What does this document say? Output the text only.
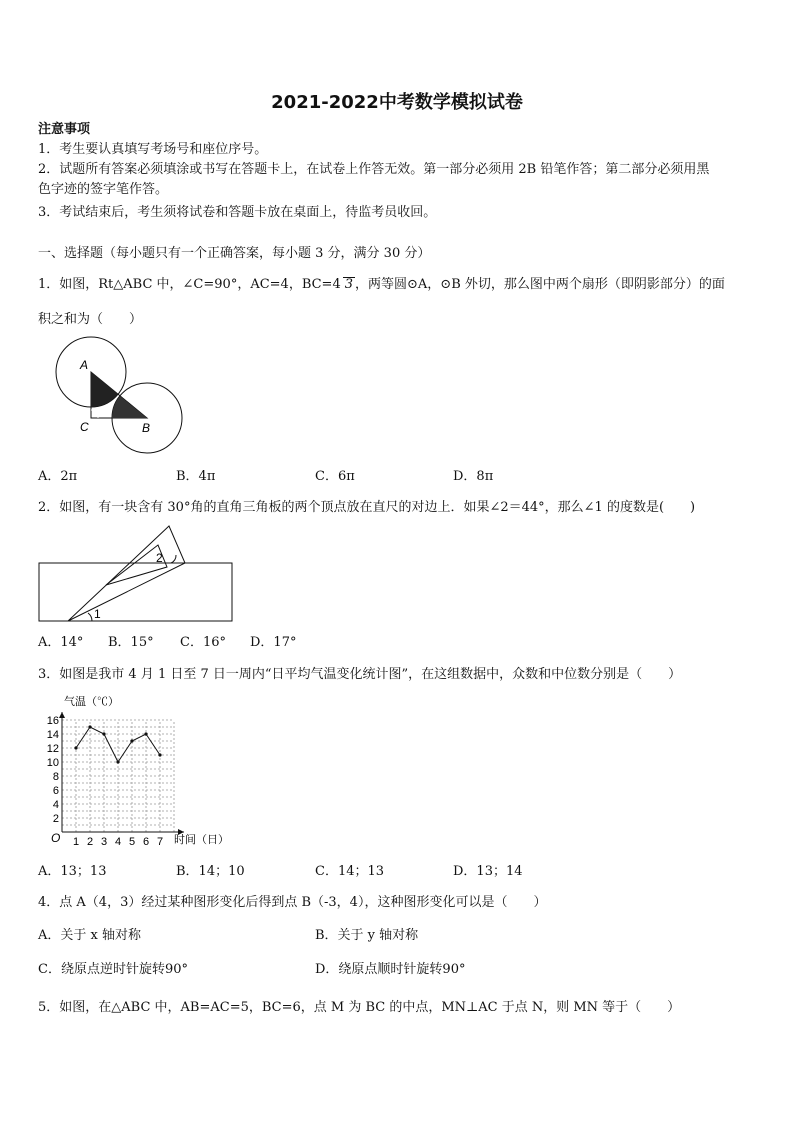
2021-2022中考数学模拟试卷
注意事项
1．考生要认真填写考场号和座位序号。
2．试题所有答案必须填涂或书写在答题卡上，在试卷上作答无效。第一部分必须用 2B 铅笔作答；第二部分必须用黑
色字迹的签字笔作答。
3．考试结束后，考生须将试卷和答题卡放在桌面上，待监考员收回。
一、选择题（每小题只有一个正确答案，每小题 3 分，满分 30 分）
1．如图，Rt△ABC 中，∠C=90°，AC=4，BC=4 3 ，两等圆⊙A，⊙B 外切，那么图中两个扇形（即阴影部分）的面
积之和为（　　）
A
C	B
A．2π	B．4π	C．6π	D．8π
2．如图，有一块含有 30°角的直角三角板的两个顶点放在直尺的对边上．如果∠2＝44°，那么∠1 的度数是(　　)
2
1
A．14° B．15° C．16° D．17°
3．如图是我市 4 月 1 日至 7 日一周内“日平均气温变化统计图”，在这组数据中，众数和中位数分别是（　　）
气温（℃）
2
4
6
8
10
12
14
16
1 2 3 4 5 6 7
O	时间（日）
A．13；13	B．14；10	C．14；13	D．13；14
4．点 A（4，3）经过某种图形变化后得到点 B（-3，4），这种图形变化可以是（　　）
A．关于 x 轴对称	B．关于 y 轴对称
C．绕原点逆时针旋转90°	D．绕原点顺时针旋转90°
5．如图，在△ABC 中，AB=AC=5，BC=6，点 M 为 BC 的中点，MN⊥AC 于点 N，则 MN 等于（　　）
